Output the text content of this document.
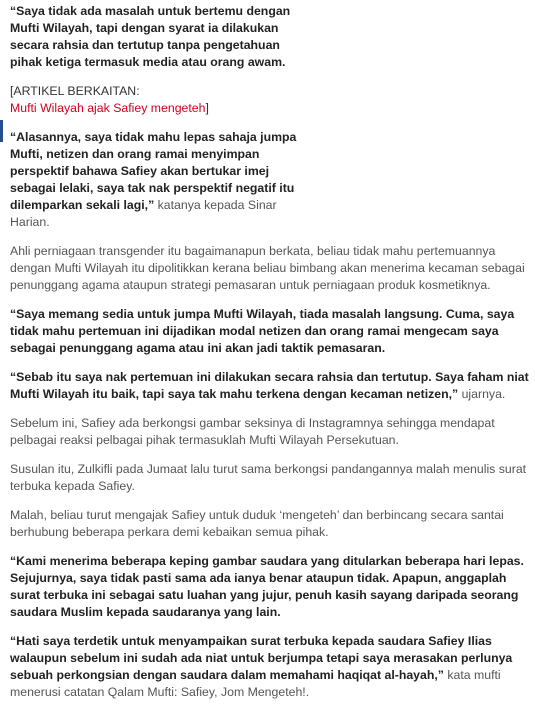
“Saya tidak ada masalah untuk bertemu dengan Mufti Wilayah, tapi dengan syarat ia dilakukan secara rahsia dan tertutup tanpa pengetahuan pihak ketiga termasuk media atau orang awam.

[ARTIKEL BERKAITAN:
Mufti Wilayah ajak Safiey mengeteh]

“Alasannya, saya tidak mahu lepas sahaja jumpa Mufti, netizen dan orang ramai menyimpan perspektif bahawa Safiey akan bertukar imej sebagai lelaki, saya tak nak perspektif negatif itu dilemparkan sekali lagi,” katanya kepada Sinar Harian.

Ahli perniagaan transgender itu bagaimanapun berkata, beliau tidak mahu pertemuannya dengan Mufti Wilayah itu dipolitikkan kerana beliau bimbang akan menerima kecaman sebagai penunggang agama ataupun strategi pemasaran untuk perniagaan produk kosmetiknya.

“Saya memang sedia untuk jumpa Mufti Wilayah, tiada masalah langsung. Cuma, saya tidak mahu pertemuan ini dijadikan modal netizen dan orang ramai mengecam saya sebagai penunggang agama atau ini akan jadi taktik pemasaran.

“Sebab itu saya nak pertemuan ini dilakukan secara rahsia dan tertutup. Saya faham niat Mufti Wilayah itu baik, tapi saya tak mahu terkena dengan kecaman netizen,” ujarnya.

Sebelum ini, Safiey ada berkongsi gambar seksinya di Instagramnya sehingga mendapat pelbagai reaksi pelbagai pihak termasuklah Mufti Wilayah Persekutuan.

Susulan itu, Zulkifli pada Jumaat lalu turut sama berkongsi pandangannya malah menulis surat terbuka kepada Safiey.

Malah, beliau turut mengajak Safiey untuk duduk ‘mengeteh’ dan berbincang secara santai berhubung beberapa perkara demi kebaikan semua pihak.

“Kami menerima beberapa keping gambar saudara yang ditularkan beberapa hari lepas. Sejujurnya, saya tidak pasti sama ada ianya benar ataupun tidak. Apapun, anggaplah surat terbuka ini sebagai satu luahan yang jujur, penuh kasih sayang daripada seorang saudara Muslim kepada saudaranya yang lain.

“Hati saya terdetik untuk menyampaikan surat terbuka kepada saudara Safiey Ilias walaupun sebelum ini sudah ada niat untuk berjumpa tetapi saya merasakan perlunya sebuah perkongsian dengan saudara dalam memahami haqiqat al-hayah,” kata mufti menerusi catatan Qalam Mufti: Safiey, Jom Mengeteh!.
